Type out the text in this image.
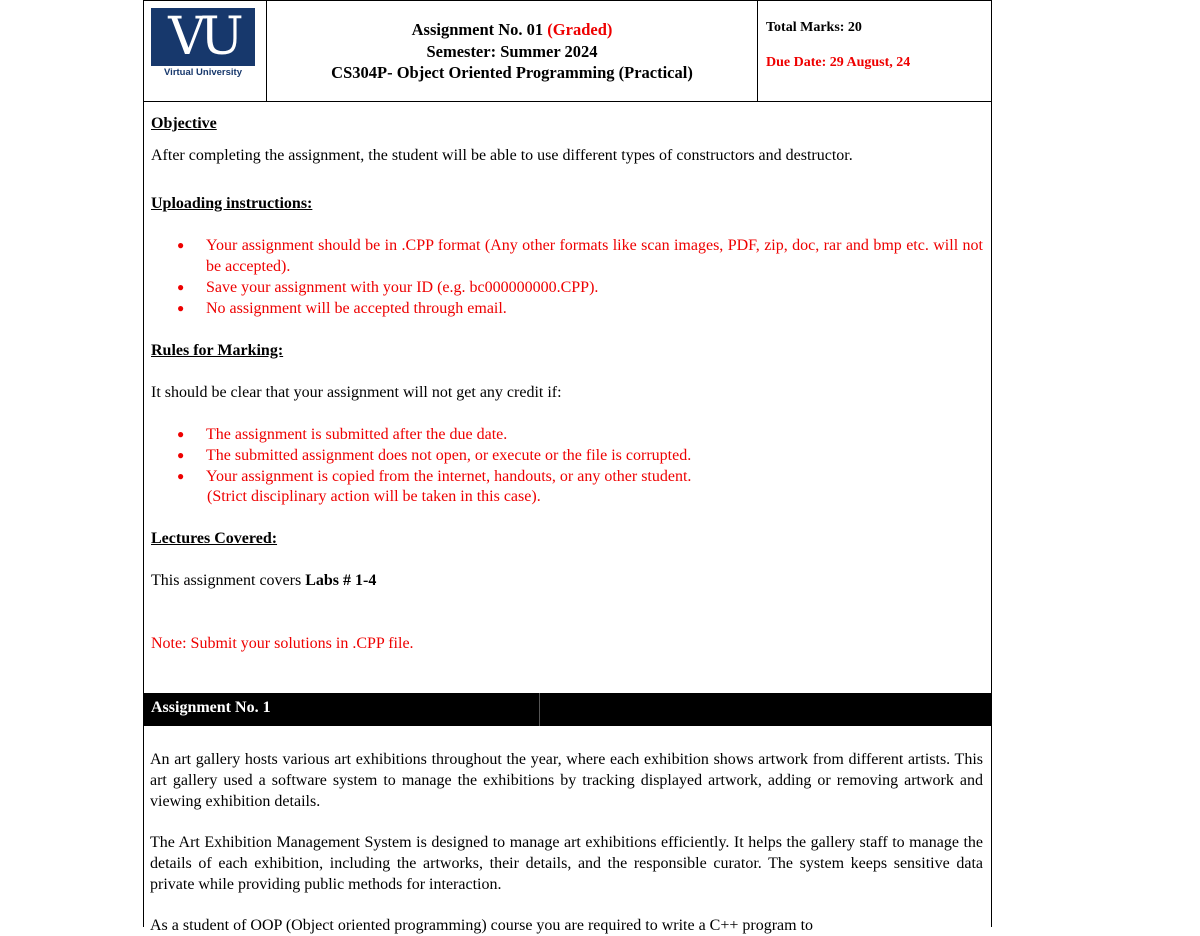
VU
Virtual University
Assignment No. 01 (Graded)
Semester: Summer 2024
CS304P- Object Oriented Programming (Practical)
Total Marks: 20
Due Date: 29 August, 24
Objective
After completing the assignment, the student will be able to use different types of constructors and destructor.
Uploading instructions:
● Your assignment should be in .CPP format (Any other formats like scan images, PDF, zip, doc, rar and bmp etc. will not be accepted).
● Save your assignment with your ID (e.g. bc000000000.CPP).
● No assignment will be accepted through email.
Rules for Marking:
It should be clear that your assignment will not get any credit if:
● The assignment is submitted after the due date.
● The submitted assignment does not open, or execute or the file is corrupted.
● Your assignment is copied from the internet, handouts, or any other student.
(Strict disciplinary action will be taken in this case).
Lectures Covered:
This assignment covers Labs # 1-4
Note: Submit your solutions in .CPP file.
Assignment No. 1
An art gallery hosts various art exhibitions throughout the year, where each exhibition shows artwork from different artists. This art gallery used a software system to manage the exhibitions by tracking displayed artwork, adding or removing artwork and viewing exhibition details.
The Art Exhibition Management System is designed to manage art exhibitions efficiently. It helps the gallery staff to manage the details of each exhibition, including the artworks, their details, and the responsible curator. The system keeps sensitive data private while providing public methods for interaction.
As a student of OOP (Object oriented programming) course you are required to write a C++ program to
